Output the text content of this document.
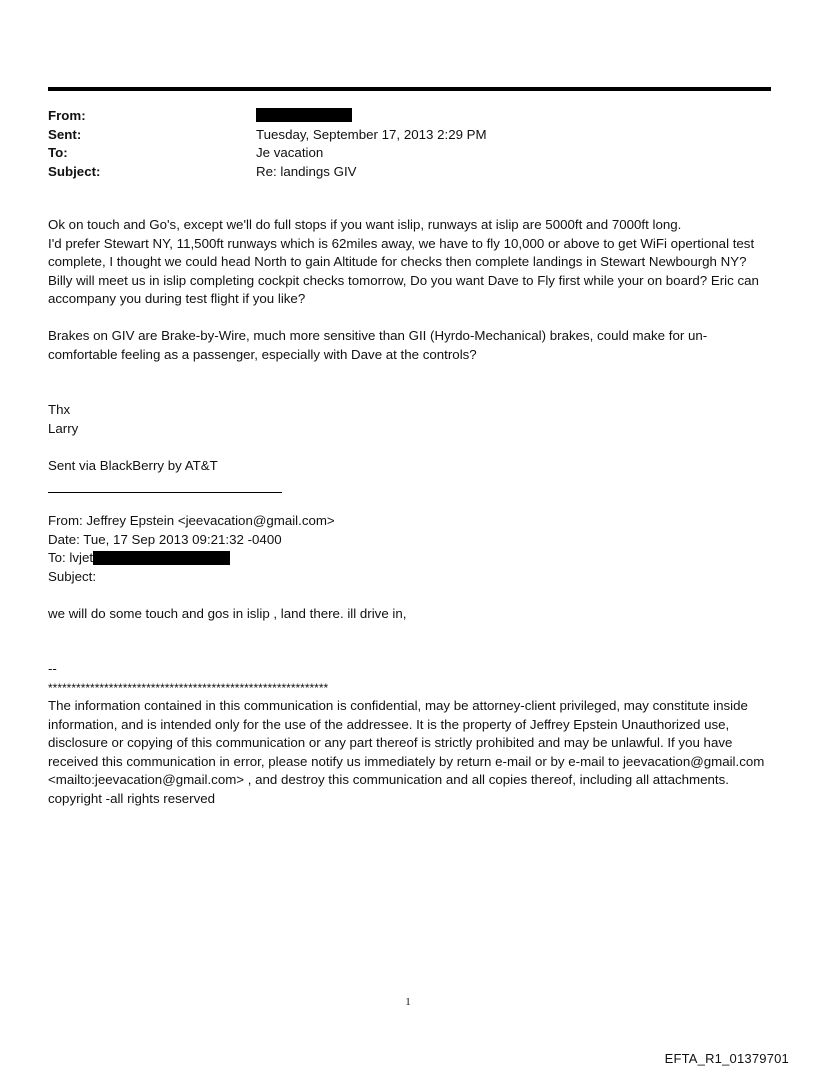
From:
Sent:	Tuesday, September 17, 2013 2:29 PM
To:	Je vacation
Subject:	Re: landings GIV

Ok on touch and Go's, except we'll do full stops if you want islip, runways at islip are 5000ft and 7000ft long.

I'd prefer Stewart NY, 11,500ft runways which is 62miles away, we have to fly 10,000 or above to get WiFi opertional test complete, I thought we could head North to gain Altitude for checks then complete landings in Stewart Newbourgh NY?

Billy will meet us in islip completing cockpit checks tomorrow, Do you want Dave to Fly first while your on board? Eric can accompany you during test flight if you like?

Brakes on GIV are Brake-by-Wire, much more sensitive than GII (Hyrdo-Mechanical) brakes, could make for un-comfortable feeling as a passenger, especially with Dave at the controls?

Thx

Larry

Sent via BlackBerry by AT&T

From: Jeffrey Epstein <jeevacation@gmail.com>

Date: Tue, 17 Sep 2013 09:21:32 -0400

To: lvjet

Subject:

we will do some touch and gos in islip , land there. ill drive in,

--

************************************************************

The information contained in this communication is confidential, may be attorney-client privileged, may constitute inside information, and is intended only for the use of the addressee. It is the property of Jeffrey Epstein Unauthorized use, disclosure or copying of this communication or any part thereof is strictly prohibited and may be unlawful. If you have received this communication in error, please notify us immediately by return e-mail or by e-mail to jeevacation@gmail.com <mailto:jeevacation@gmail.com> , and destroy this communication and all copies thereof, including all attachments. copyright -all rights reserved

1
EFTA_R1_01379701
